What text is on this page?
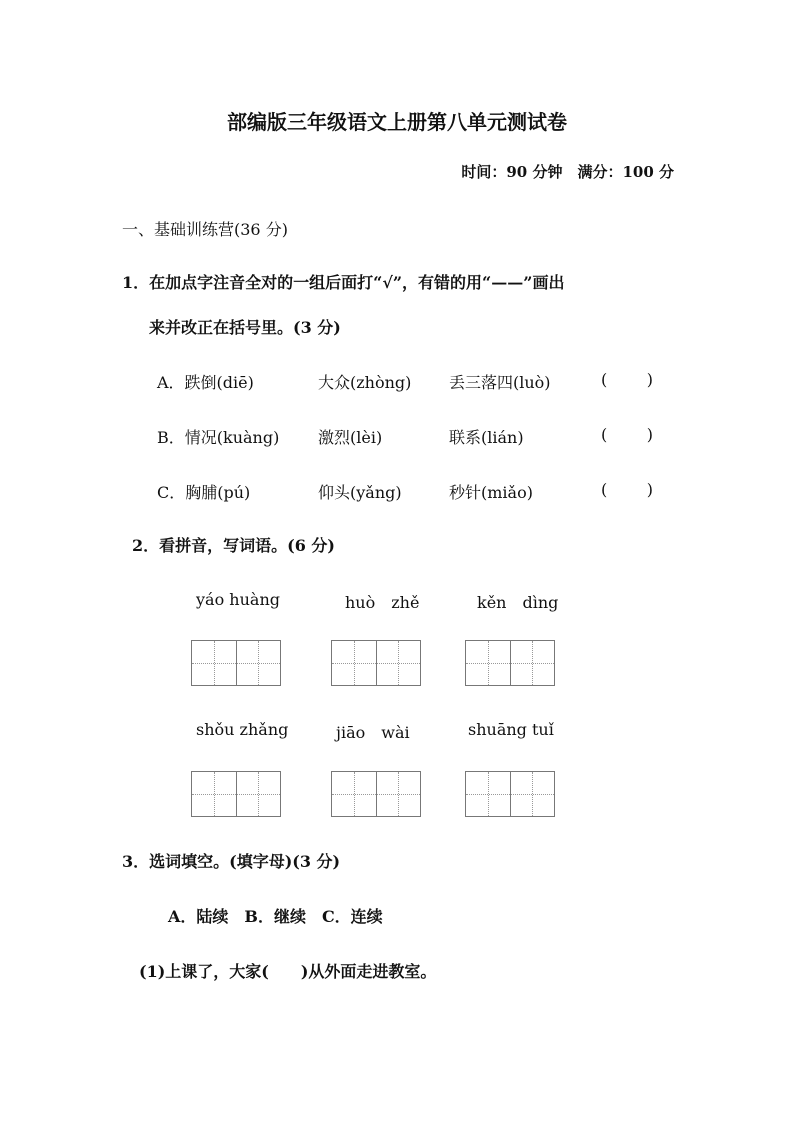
部编版三年级语文上册第八单元测试卷
时间：90 分钟　满分：100 分
一、基础训练营(36 分)
1．在加点字注音全对的一组后面打“√”，有错的用“——”画出
来并改正在括号里。(3 分)
A．跌倒(diē)	大众(zhòng) 丢三落四(luò)	( )
B．情况(kuàng) 激烈(lèi)	联系(lián)	( )
C．胸脯(pú)	仰头(yǎng)	秒针(miǎo)	( )
2．看拼音，写词语。(6 分)
yáo huàng	huò　zhě	kěn　dìng
shǒu zhǎng	jiāo　wài	shuāng tuǐ
3．选词填空。(填字母)(3 分)
A．陆续　B．继续　C．连续
(1)上课了，大家(　　)从外面走进教室。
